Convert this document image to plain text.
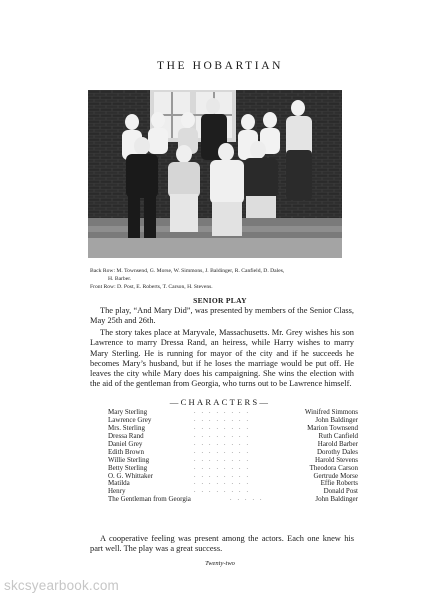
THE HOBARTIAN
Back Row: M. Townsend, G. Morse, W. Simmons, J. Baldinger, R. Canfield, D. Dales,
H. Barber.
Front Row: D. Post, E. Roberts, T. Carson, H. Stevens.
SENIOR PLAY
The play, “And Mary Did”, was presented by members of the Senior Class, May 25th and 26th.
The story takes place at Maryvale, Massachusetts. Mr. Grey wishes his son Lawrence to marry Dressa Rand, an heiress, while Harry wishes to marry Mary Sterling. He is running for mayor of the city and if he succeeds he becomes Mary’s husband, but if he loses the marriage would be put off. He leaves the city while Mary does his campaigning. She wins the election with the aid of the gentleman from Georgia, who turns out to be Lawrence himself.
—CHARACTERS—
Mary Sterling	........	Winifred Simmons
Lawrence Grey	........	John Baldinger
Mrs. Sterling	........	Marion Townsend
Dressa Rand	........	Ruth Canfield
Daniel Grey	........	Harold Barber
Edith Brown	........	Dorothy Dales
Willie Sterling	........	Harold Stevens
Betty Sterling	........	Theodora Carson
O. G. Whittaker	........	Gertrude Morse
Matilda	........	Effie Roberts
Henry	........	Donald Post
The Gentleman from Georgia	.....	John Baldinger
A cooperative feeling was present among the actors. Each one knew his part well. The play was a great success.
Twenty-two
skcsyearbook.com
